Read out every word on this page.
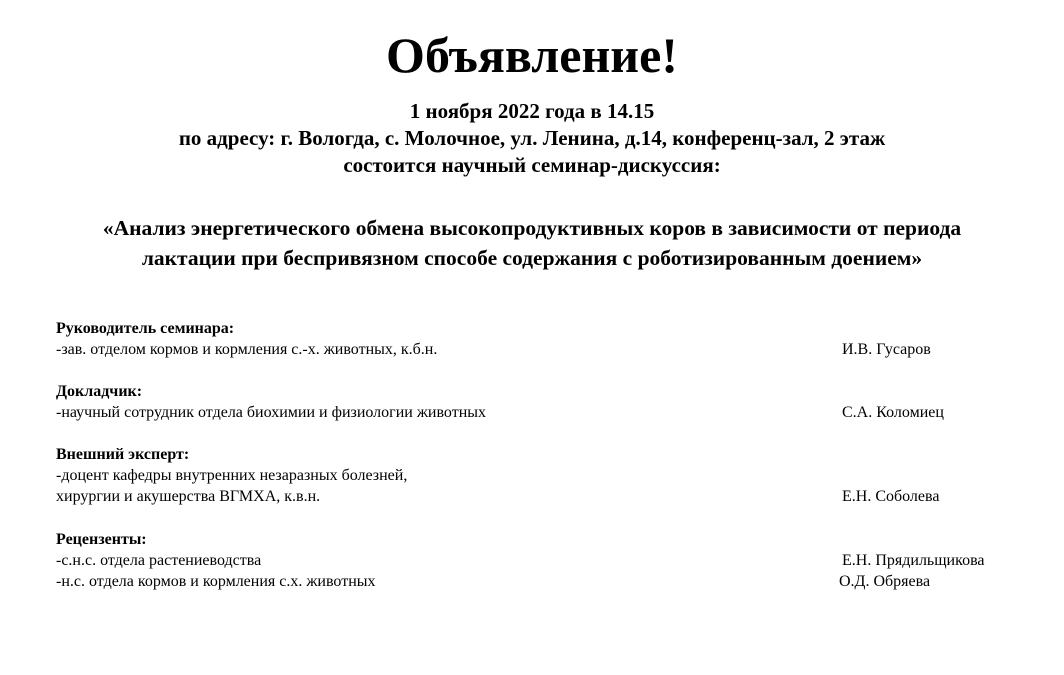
Объявление!
1 ноября 2022 года в 14.15
по адресу: г. Вологда, с. Молочное, ул. Ленина, д.14, конференц-зал, 2 этаж
состоится научный семинар-дискуссия:
«Анализ энергетического обмена высокопродуктивных коров в зависимости от периода
лактации при беспривязном способе содержания с роботизированным доением»
Руководитель семинара:
-зав. отделом кормов и кормления с.-х. животных, к.б.н.	И.В. Гусаров
Докладчик:
-научный сотрудник отдела биохимии и физиологии животных	С.А. Коломиец
Внешний эксперт:
-доцент кафедры внутренних незаразных болезней,
хирургии и акушерства ВГМХА, к.в.н.	Е.Н. Соболева
Рецензенты:
-с.н.с. отдела растениеводства	Е.Н. Прядильщикова
-н.с. отдела кормов и кормления с.х. животных	О.Д. Обряева
